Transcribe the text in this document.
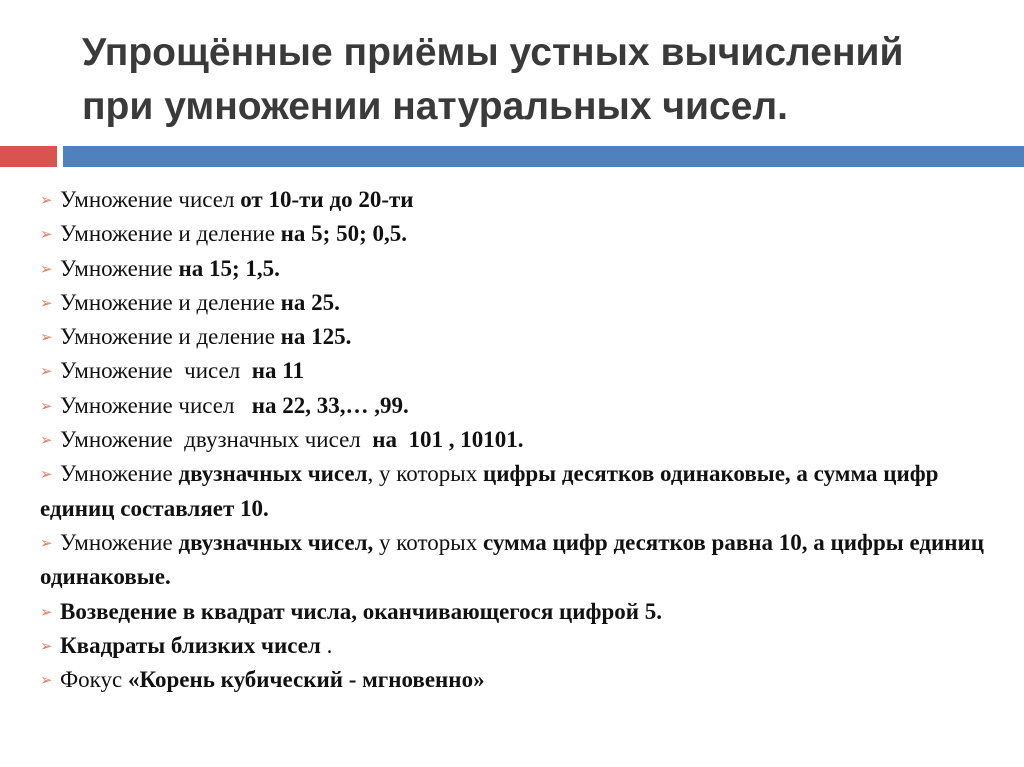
Упрощённые приёмы устных вычислений
при умножении натуральных чисел.
➢ Умножение чисел от 10-ти до 20-ти
➢ Умножение и деление на 5; 50; 0,5.
➢ Умножение на 15; 1,5.
➢ Умножение и деление на 25.
➢ Умножение и деление на 125.
➢ Умножение  чисел  на 11
➢ Умножение чисел   на 22, 33,… ,99.
➢ Умножение  двузначных чисел  на  101 , 10101.
➢ Умножение двузначных чисел, у которых цифры десятков одинаковые, а сумма цифр единиц составляет 10.
➢ Умножение двузначных чисел, у которых сумма цифр десятков равна 10, а цифры единиц одинаковые.
➢ Возведение в квадрат числа, оканчивающегося цифрой 5.
➢ Квадраты близких чисел .
➢ Фокус «Корень кубический - мгновенно»
